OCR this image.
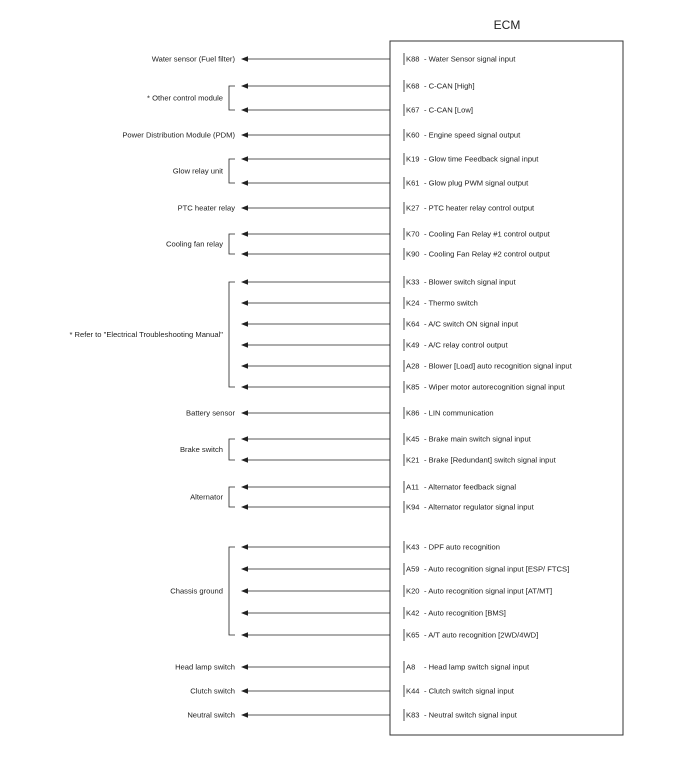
ECM
K88 - Water Sensor signal input
K68 - C-CAN [High]
K67 - C-CAN [Low]
K60 - Engine speed signal output
K19 - Glow time Feedback signal input
K61 - Glow plug PWM signal output
K27 - PTC heater relay control output
K70 - Cooling Fan Relay #1 control output
K90 - Cooling Fan Relay #2 control output
K33 - Blower switch signal input
K24 - Thermo switch
K64 - A/C switch ON signal input
K49 - A/C relay control output
A28 - Blower [Load] auto recognition signal input
K85 - Wiper motor autorecognition signal input
K86 - LIN communication
K45 - Brake main switch signal input
K21 - Brake [Redundant] switch signal input
A11 - Alternator feedback signal
K94 - Alternator regulator signal input
K43 - DPF auto recognition
A59 - Auto recognition signal input [ESP/ FTCS]
K20 - Auto recognition signal input [AT/MT]
K42 - Auto recognition [BMS]
K65 - A/T auto recognition [2WD/4WD]
A8 - Head lamp switch signal input
K44 - Clutch switch signal input
K83 - Neutral switch signal input
Water sensor (Fuel filter)
* Other control module
Power Distribution Module (PDM)
Glow relay unit
PTC heater relay
Cooling fan relay
* Refer to "Electrical Troubleshooting Manual"
Battery sensor
Brake switch
Alternator
Chassis ground
Head lamp switch
Clutch switch
Neutral switch
